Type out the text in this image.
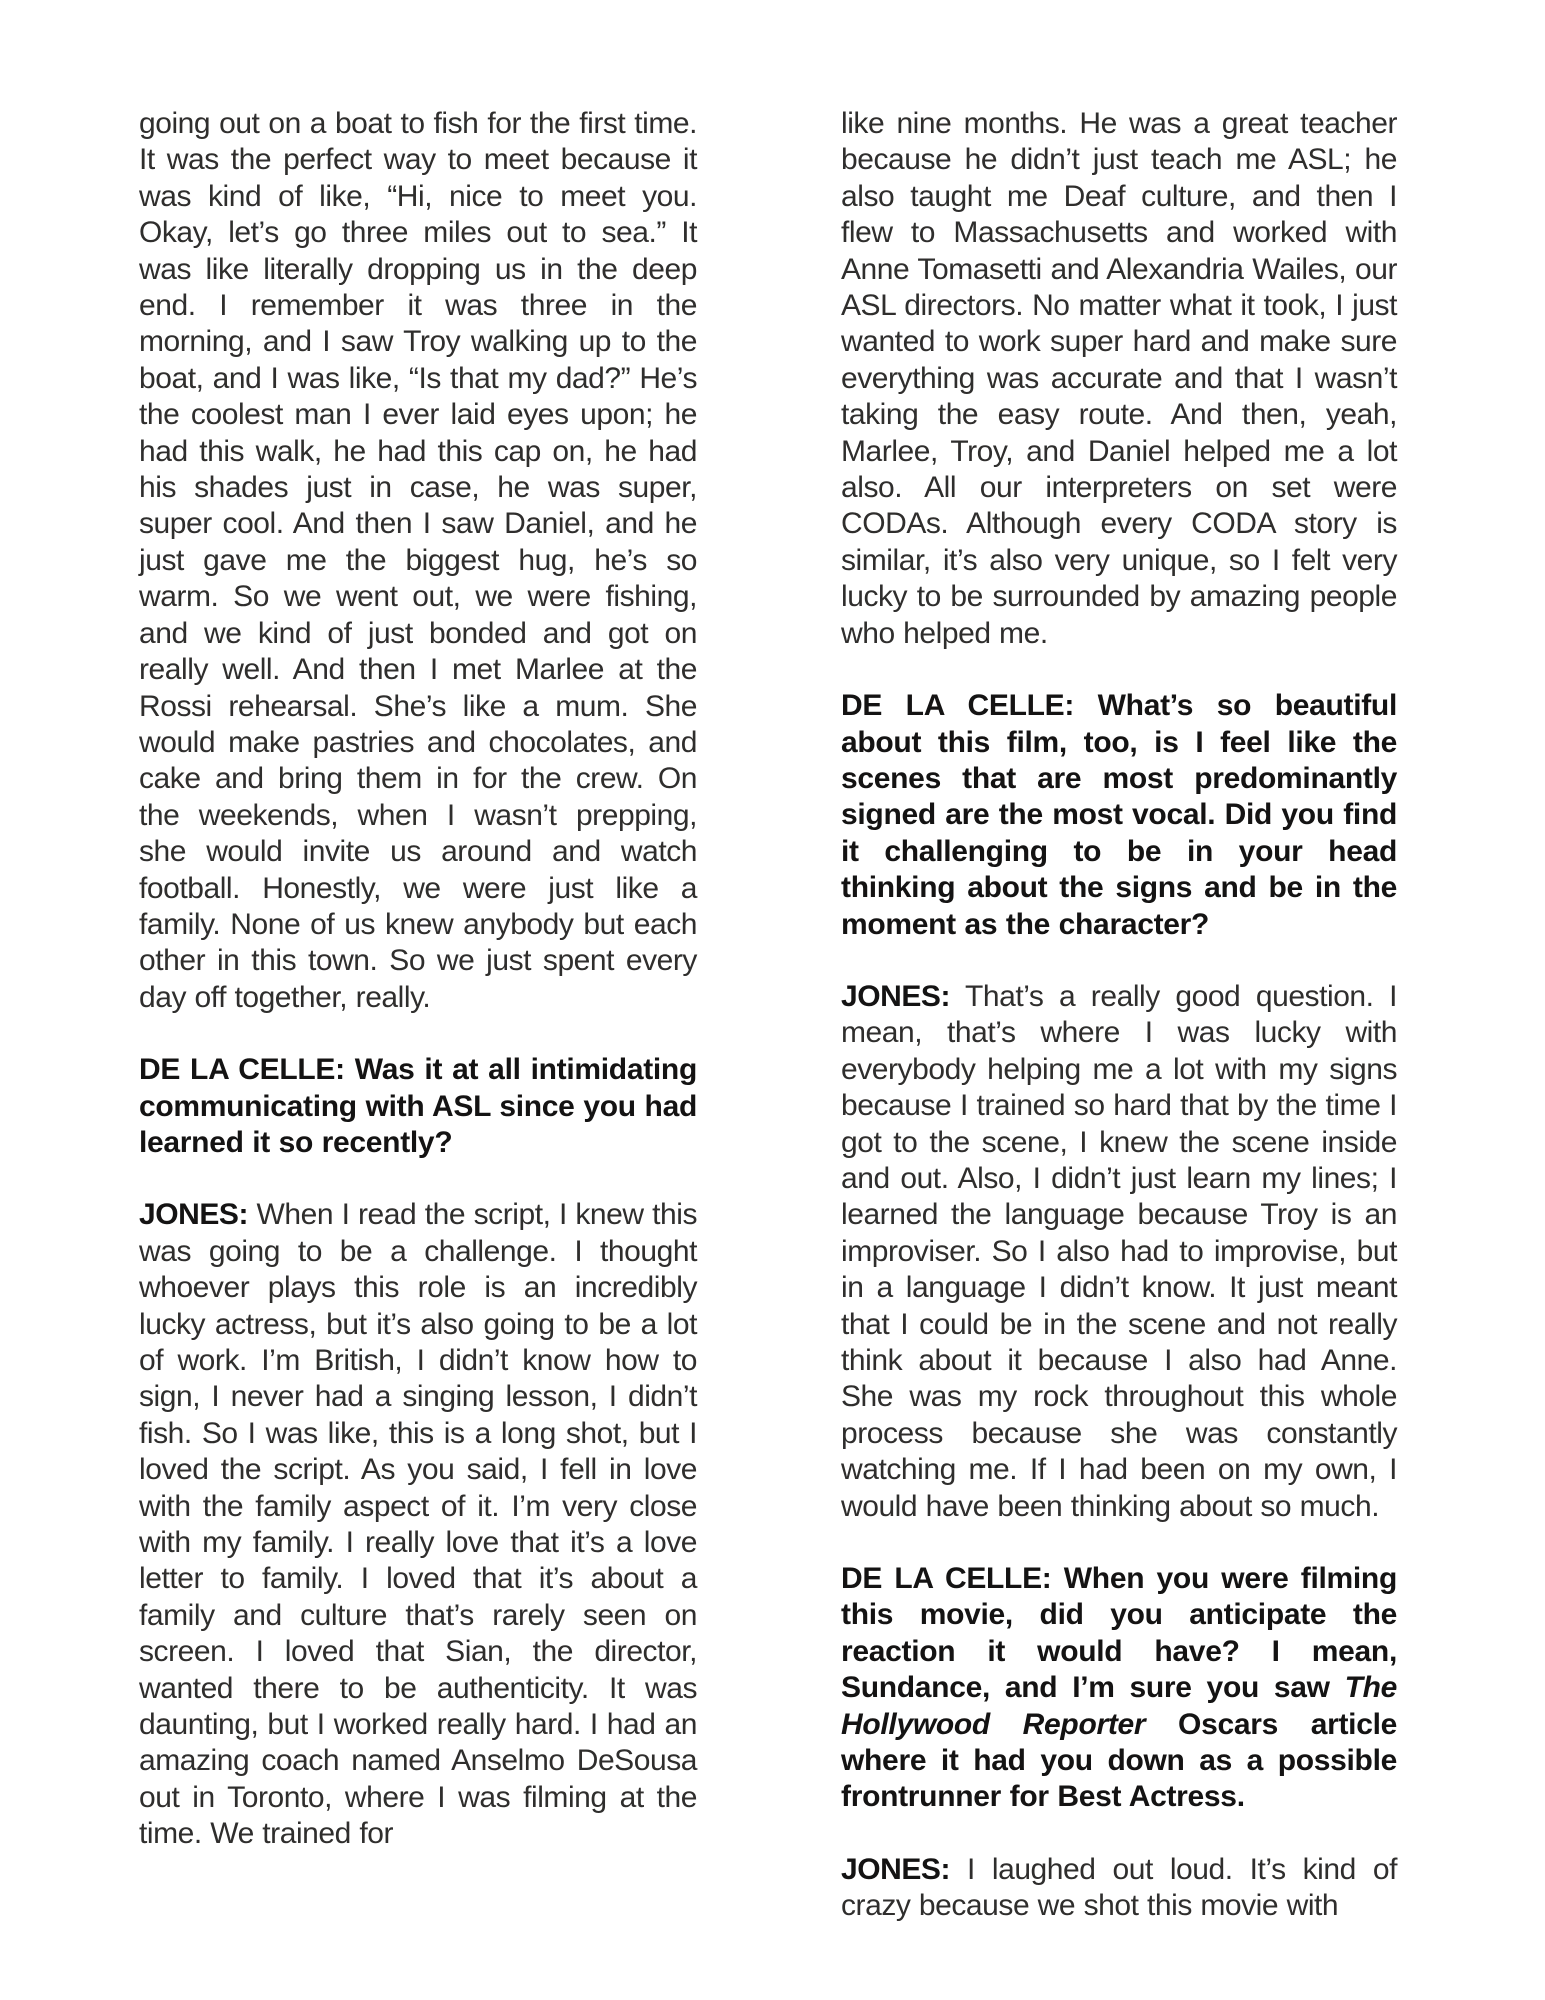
going out on a boat to fish for the first time. It was the perfect way to meet because it was kind of like, “Hi, nice to meet you. Okay, let’s go three miles out to sea.” It was like literally dropping us in the deep end. I remember it was three in the morning, and I saw Troy walking up to the boat, and I was like, “Is that my dad?” He’s the coolest man I ever laid eyes upon; he had this walk, he had this cap on, he had his shades just in case, he was super, super cool. And then I saw Daniel, and he just gave me the biggest hug, he’s so warm. So we went out, we were fishing, and we kind of just bonded and got on really well. And then I met Marlee at the Rossi rehearsal. She’s like a mum. She would make pastries and chocolates, and cake and bring them in for the crew. On the weekends, when I wasn’t prepping, she would invite us around and watch football. Honestly, we were just like a family. None of us knew anybody but each other in this town. So we just spent every day off together, really.

DE LA CELLE: Was it at all intimidating communicating with ASL since you had learned it so recently?

JONES: When I read the script, I knew this was going to be a challenge. I thought whoever plays this role is an incredibly lucky actress, but it’s also going to be a lot of work. I’m British, I didn’t know how to sign, I never had a singing lesson, I didn’t fish. So I was like, this is a long shot, but I loved the script. As you said, I fell in love with the family aspect of it. I’m very close with my family. I really love that it’s a love letter to family. I loved that it’s about a family and culture that’s rarely seen on screen. I loved that Sian, the director, wanted there to be authenticity. It was daunting, but I worked really hard. I had an amazing coach named Anselmo DeSousa out in Toronto, where I was filming at the time. We trained for

like nine months. He was a great teacher because he didn’t just teach me ASL; he also taught me Deaf culture, and then I flew to Massachusetts and worked with Anne Tomasetti and Alexandria Wailes, our ASL directors. No matter what it took, I just wanted to work super hard and make sure everything was accurate and that I wasn’t taking the easy route. And then, yeah, Marlee, Troy, and Daniel helped me a lot also. All our interpreters on set were CODAs. Although every CODA story is similar, it’s also very unique, so I felt very lucky to be surrounded by amazing people who helped me.

DE LA CELLE: What’s so beautiful about this film, too, is I feel like the scenes that are most predominantly signed are the most vocal. Did you find it challenging to be in your head thinking about the signs and be in the moment as the character?

JONES: That’s a really good question. I mean, that’s where I was lucky with everybody helping me a lot with my signs because I trained so hard that by the time I got to the scene, I knew the scene inside and out. Also, I didn’t just learn my lines; I learned the language because Troy is an improviser. So I also had to improvise, but in a language I didn’t know. It just meant that I could be in the scene and not really think about it because I also had Anne. She was my rock throughout this whole process because she was constantly watching me. If I had been on my own, I would have been thinking about so much.

DE LA CELLE: When you were filming this movie, did you anticipate the reaction it would have? I mean, Sundance, and I’m sure you saw The Hollywood Reporter Oscars article where it had you down as a possible frontrunner for Best Actress.

JONES: I laughed out loud. It’s kind of crazy because we shot this movie with
